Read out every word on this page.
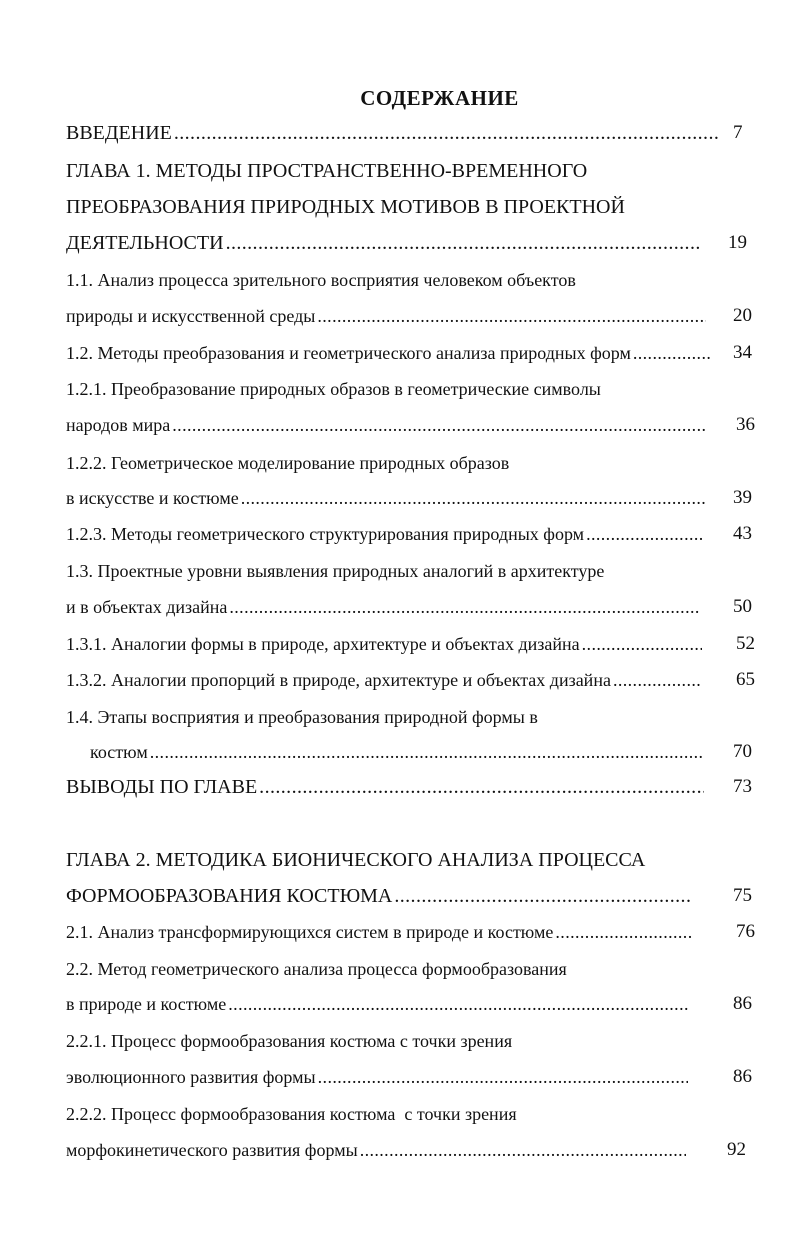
СОДЕРЖАНИЕ
ВВЕДЕНИЕ .....	7
ГЛАВА 1. МЕТОДЫ ПРОСТРАНСТВЕННО-ВРЕМЕННОГО
ПРЕОБРАЗОВАНИЯ ПРИРОДНЫХ МОТИВОВ В ПРОЕКТНОЙ
ДЕЯТЕЛЬНОСТИ .....	19
1.1. Анализ процесса зрительного восприятия человеком объектов
природы и искусственной среды .....	20
1.2. Методы преобразования и геометрического анализа природных форм .....	34
1.2.1. Преобразование природных образов в геометрические символы
народов мира .....	36
1.2.2. Геометрическое моделирование природных образов
в искусстве и костюме .....	39
1.2.3. Методы геометрического структурирования природных форм .....	43
1.3. Проектные уровни выявления природных аналогий в архитектуре
и в объектах дизайна .....	50
1.3.1. Аналогии формы в природе, архитектуре и объектах дизайна .....	52
1.3.2. Аналогии пропорций в природе, архитектуре и объектах дизайна .....	65
1.4. Этапы восприятия и преобразования природной формы в
костюм .....	70
ВЫВОДЫ ПО ГЛАВЕ .....	73
ГЛАВА 2. МЕТОДИКА БИОНИЧЕСКОГО АНАЛИЗА ПРОЦЕССА
ФОРМООБРАЗОВАНИЯ КОСТЮМА .....	75
2.1. Анализ трансформирующихся систем в природе и костюме .....	76
2.2. Метод геометрического анализа процесса формообразования
в природе и костюме .....	86
2.2.1. Процесс формообразования костюма с точки зрения
эволюционного развития формы .....	86
2.2.2. Процесс формообразования костюма  с точки зрения
морфокинетического развития формы .....	92
